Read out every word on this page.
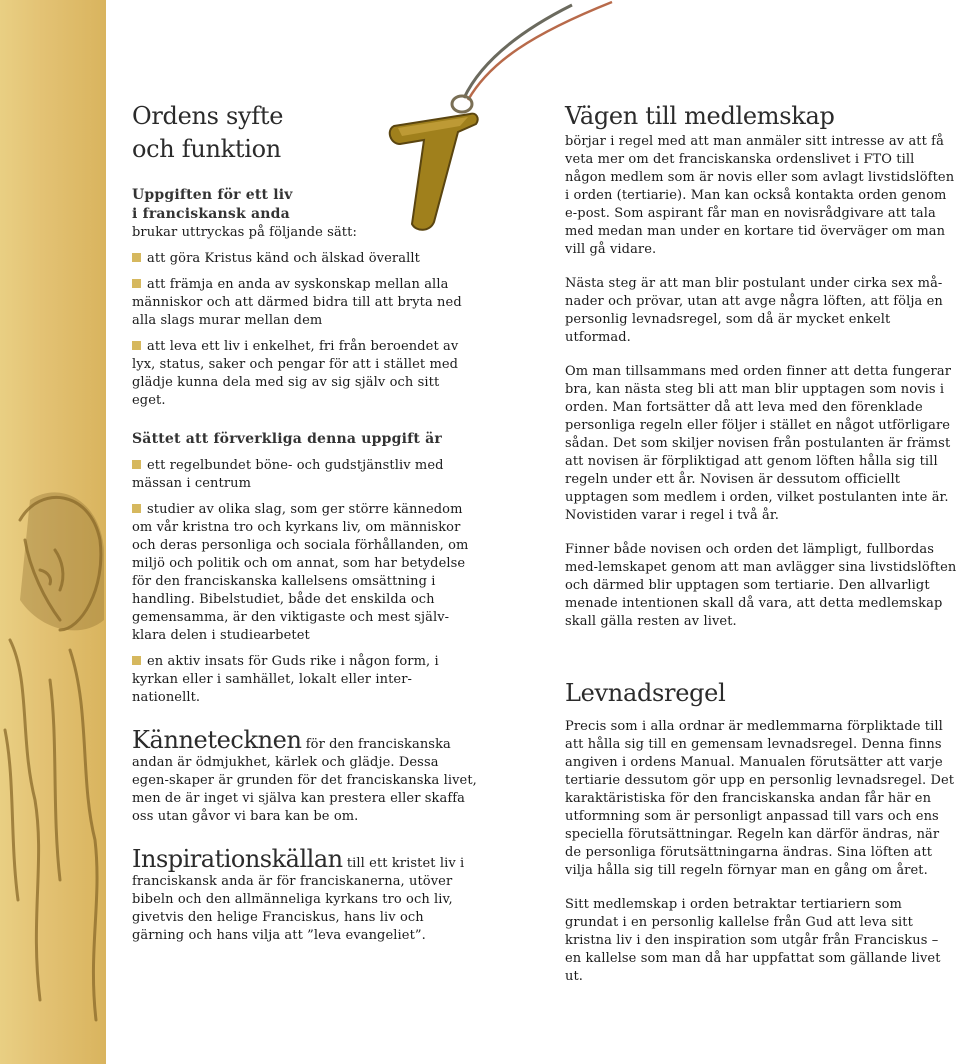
Ordens syfte
och funktion
Uppgiften för ett liv
i franciskansk anda

brukar uttryckas på följande sätt:

att göra Kristus känd och älskad överallt

att främja en anda av syskonskap mellan alla människor och att därmed bidra till att bryta ned alla slags murar mellan dem

att leva ett liv i enkelhet, fri från beroendet av lyx, status, saker och pengar för att i stället med glädje kunna dela med sig av sig själv och sitt eget.

Sättet att förverkliga denna uppgift är

ett regelbundet böne- och gudstjänstliv med mässan i centrum

studier av olika slag, som ger större kännedom om vår kristna tro och kyrkans liv, om människor och deras personliga och sociala förhållanden, om miljö och politik och om annat, som har betydelse för den franciskanska kallelsens omsättning i handling. Bibelstudiet, både det enskilda och gemensamma, är den viktigaste och mest själv-klara delen i studiearbetet

en aktiv insats för Guds rike i någon form, i kyrkan eller i samhället, lokalt eller inter-nationellt.

Kännetecknen för den franciskanska andan är ödmjukhet, kärlek och glädje. Dessa egen-skaper är grunden för det franciskanska livet, men de är inget vi själva kan prestera eller skaffa oss utan gåvor vi bara kan be om.

Inspirationskällan till ett kristet liv i franciskansk anda är för franciskanerna, utöver bibeln och den allmänneliga kyrkans tro och liv, givetvis den helige Franciskus, hans liv och gärning och hans vilja att ”leva evangeliet”.

Vägen till medlemskap

börjar i regel med att man anmäler sitt intresse av att få veta mer om det franciskanska ordenslivet i FTO till någon medlem som är novis eller som avlagt livstidslöften i orden (tertiarie). Man kan också kontakta orden genom e-post. Som aspirant får man en novisrådgivare att tala med medan man under en kortare tid överväger om man vill gå vidare.

Nästa steg är att man blir postulant under cirka sex må-nader och prövar, utan att avge några löften, att följa en personlig levnadsregel, som då är mycket enkelt utformad.

Om man tillsammans med orden finner att detta fungerar bra, kan nästa steg bli att man blir upptagen som novis i orden. Man fortsätter då att leva med den förenklade personliga regeln eller följer i stället en något utförligare sådan. Det som skiljer novisen från postulanten är främst att novisen är förpliktigad att genom löften hålla sig till regeln under ett år. Novisen är dessutom officiellt upptagen som medlem i orden, vilket postulanten inte är. Novistiden varar i regel i två år.

Finner både novisen och orden det lämpligt, fullbordas med-lemskapet genom att man avlägger sina livstidslöften och därmed blir upptagen som tertiarie. Den allvarligt menade intentionen skall då vara, att detta medlemskap skall gälla resten av livet.

Levnadsregel

Precis som i alla ordnar är medlemmarna förpliktade till att hålla sig till en gemensam levnadsregel. Denna finns angiven i ordens Manual. Manualen förutsätter att varje tertiarie dessutom gör upp en personlig levnadsregel. Det karaktäristiska för den franciskanska andan får här en utformning som är personligt anpassad till vars och ens speciella förutsättningar. Regeln kan därför ändras, när de personliga förutsättningarna ändras. Sina löften att vilja hålla sig till regeln förnyar man en gång om året.

Sitt medlemskap i orden betraktar tertiariern som grundat i en personlig kallelse från Gud att leva sitt kristna liv i den inspiration som utgår från Franciskus – en kallelse som man då har uppfattat som gällande livet ut.
